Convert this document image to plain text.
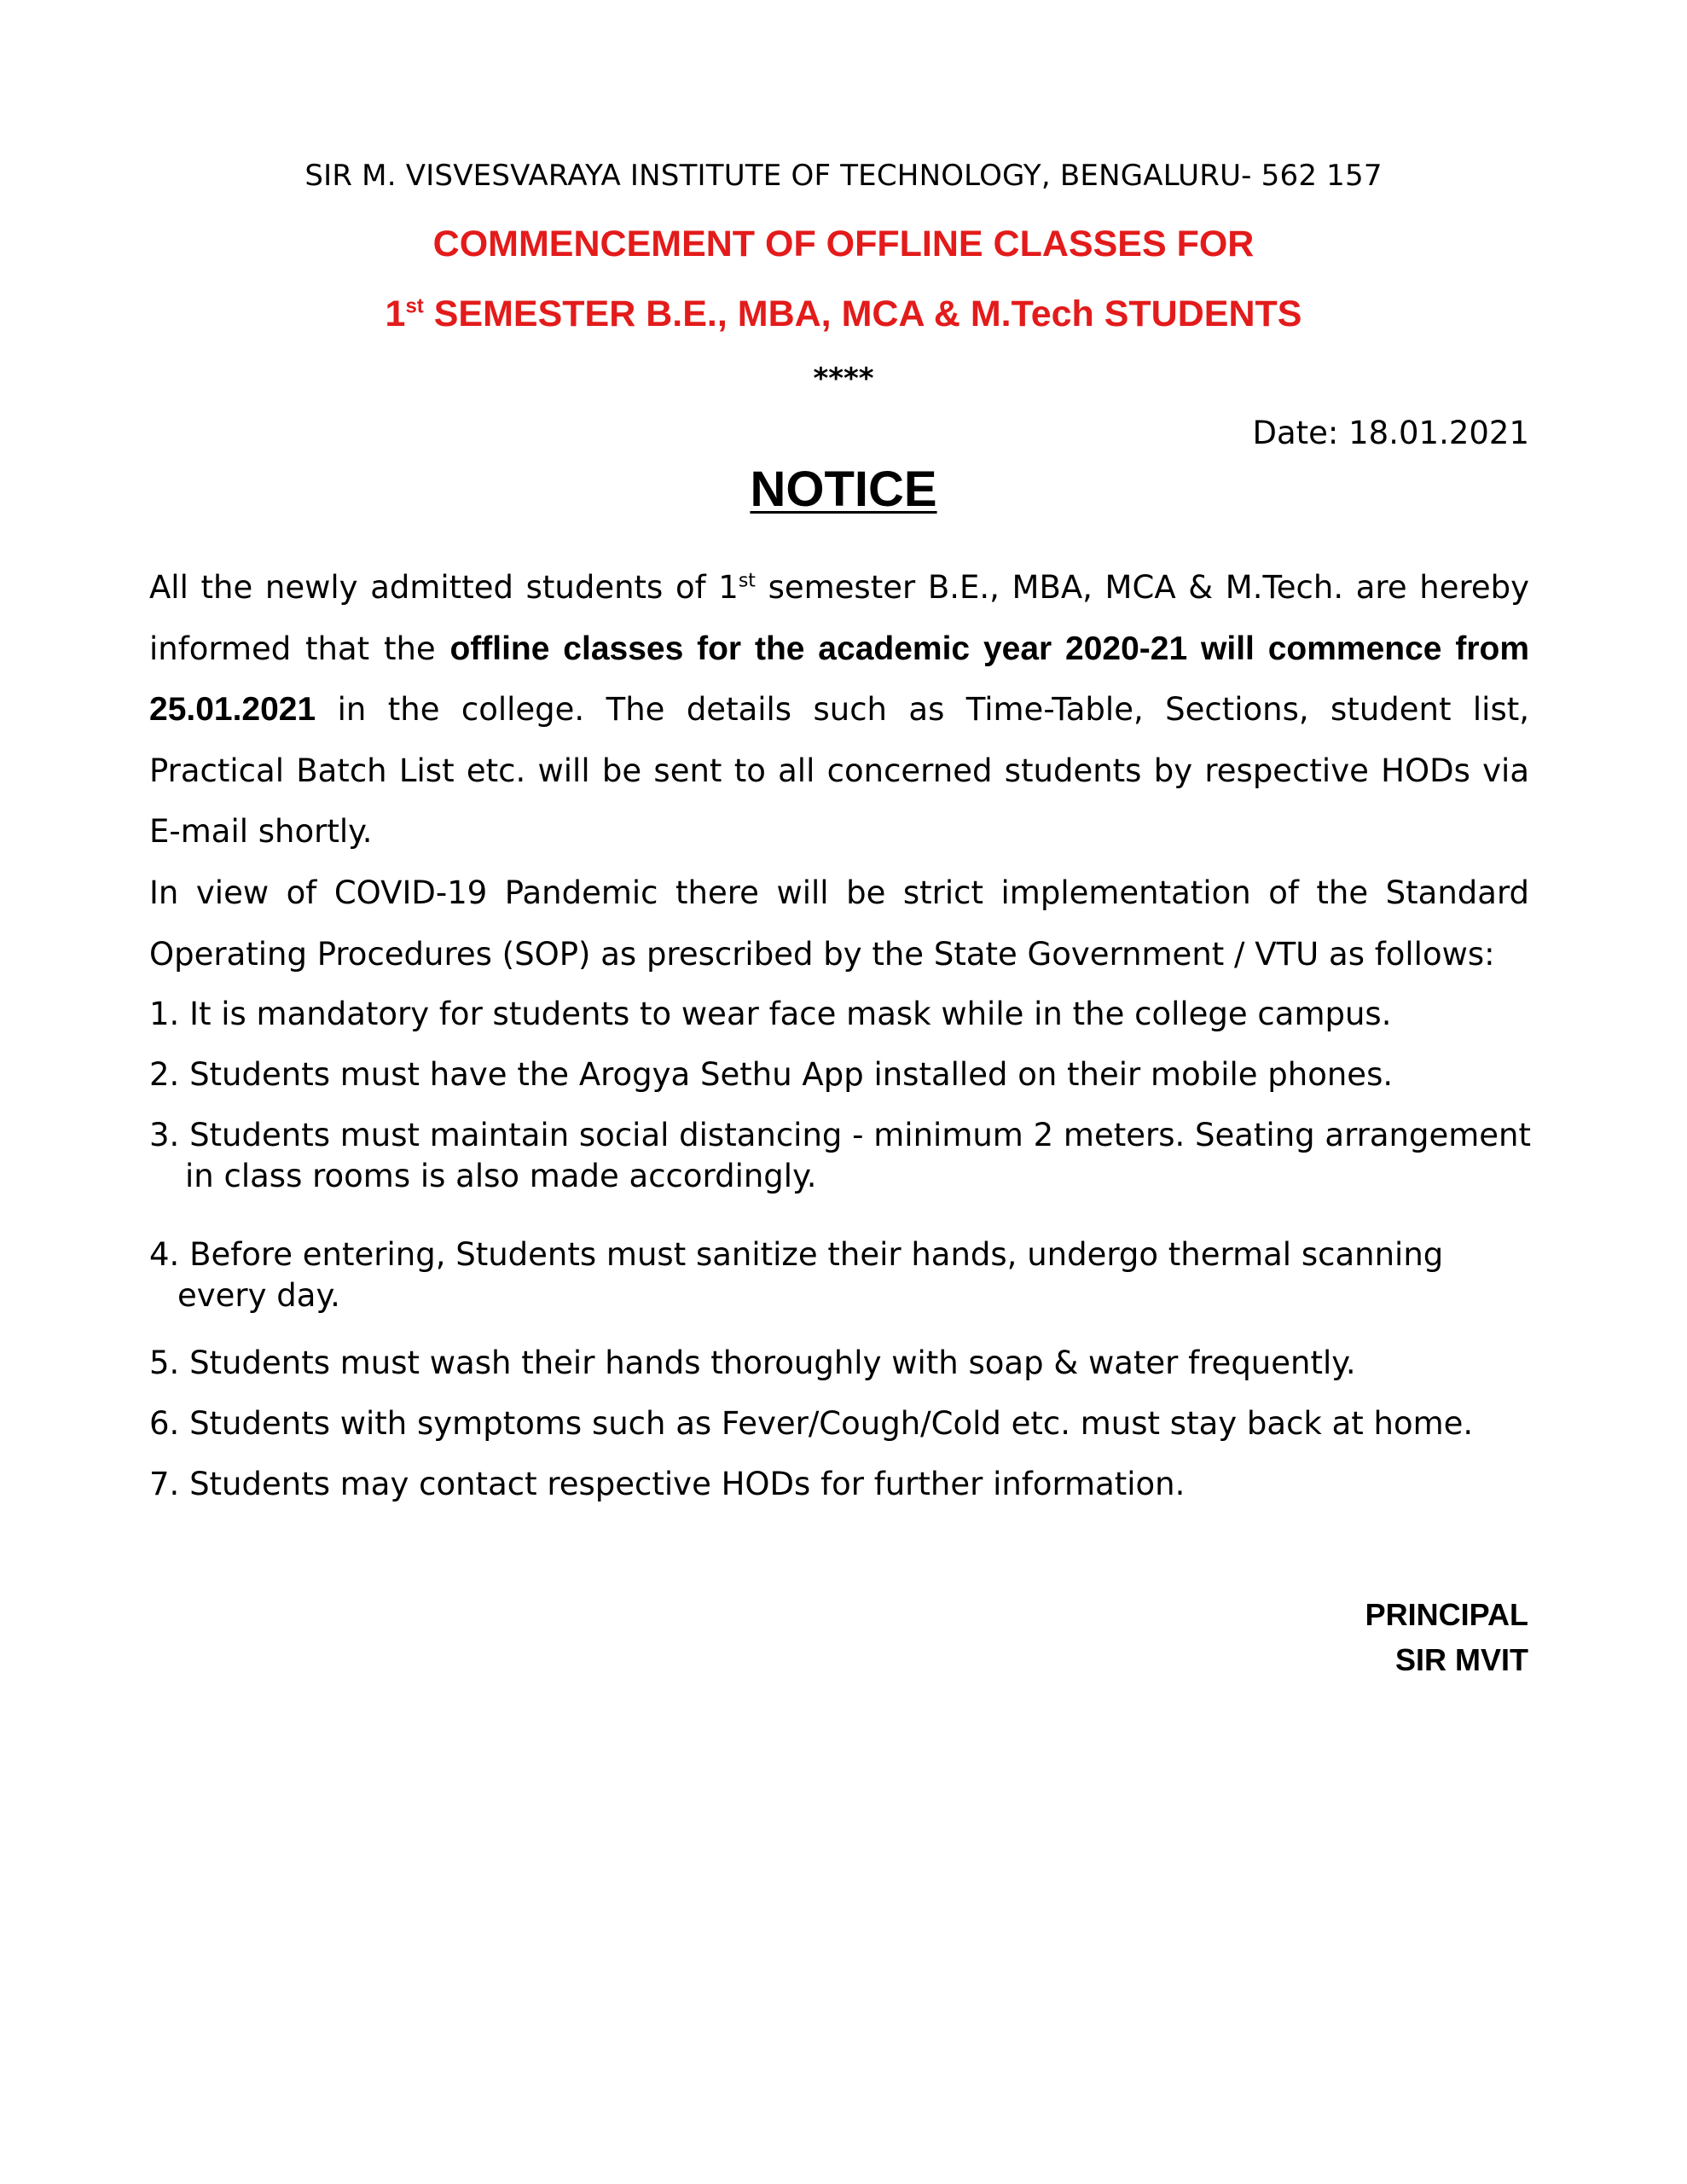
SIR M. VISVESVARAYA INSTITUTE OF TECHNOLOGY, BENGALURU- 562 157
COMMENCEMENT OF OFFLINE CLASSES FOR
1st SEMESTER B.E., MBA, MCA & M.Tech STUDENTS
****
Date: 18.01.2021
NOTICE
All the newly admitted students of 1st semester B.E., MBA, MCA & M.Tech. are hereby informed that the offline classes for the academic year 2020-21 will commence from 25.01.2021 in the college. The details such as Time-Table, Sections, student list, Practical Batch List etc. will be sent to all concerned students by respective HODs via E-mail shortly.
In view of COVID-19 Pandemic there will be strict implementation of the Standard Operating Procedures (SOP) as prescribed by the State Government / VTU as follows:
1. It is mandatory for students to wear face mask while in the college campus.
2. Students must have the Arogya Sethu App installed on their mobile phones.
3. Students must maintain social distancing - minimum 2 meters. Seating arrangement
in class rooms is also made accordingly.
4. Before entering, Students must sanitize their hands, undergo thermal scanning
every day.
5. Students must wash their hands thoroughly with soap & water frequently.
6. Students with symptoms such as Fever/Cough/Cold etc. must stay back at home.
7. Students may contact respective HODs for further information.
PRINCIPAL
SIR MVIT
